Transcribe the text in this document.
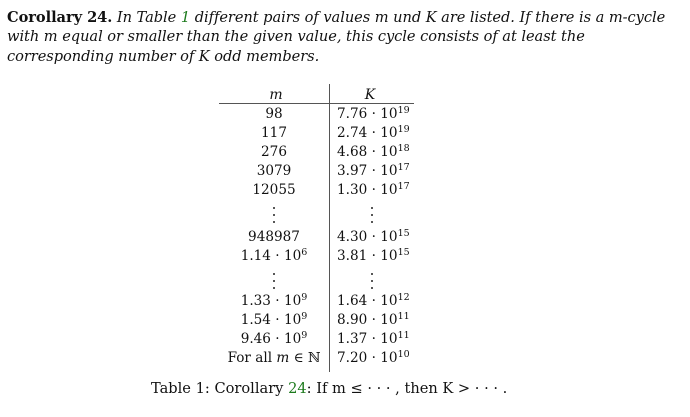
Corollary 24. In Table 1 different pairs of values m und K are listed. If there is a m-cycle with m equal or smaller than the given value, this cycle consists of at least the corresponding number of K odd members.

m	K
98	$7.76 \cdot 10^{19}$
117	$2.74 \cdot 10^{19}$
276	$4.68 \cdot 10^{18}$
3079	$3.97 \cdot 10^{17}$
12055	$1.30 \cdot 10^{17}$
948987	$4.30 \cdot 10^{15}$
$1.14 \cdot 10^6$	$3.81 \cdot 10^{15}$
$1.33 \cdot 10^9$	$1.64 \cdot 10^{12}$
$1.54 \cdot 10^9$	$8.90 \cdot 10^{11}$
$9.46 \cdot 10^9$	$1.37 \cdot 10^{11}$
For all m ∈ ℕ	$7.20 \cdot 10^{10}$
Table 1: Corollary 24: If m ≤ · · · , then K > · · · .
